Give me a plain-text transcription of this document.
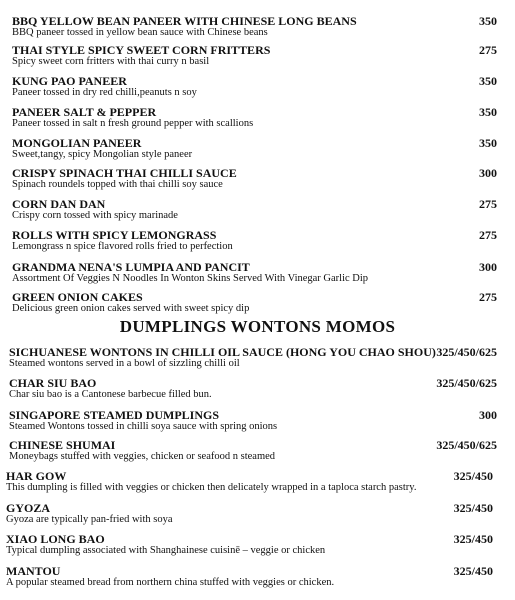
BBQ YELLOW BEAN PANEER WITH CHINESE LONG BEANS
BBQ paneer tossed in yellow bean sauce with Chinese beans
350
THAI STYLE SPICY SWEET CORN FRITTERS
Spicy sweet corn fritters with thai curry n basil
275
KUNG PAO PANEER
Paneer tossed in dry red chilli,peanuts n soy
350
PANEER SALT & PEPPER
Paneer tossed in salt n fresh ground pepper with scallions
350
MONGOLIAN PANEER
Sweet,tangy, spicy Mongolian style paneer
350
CRISPY SPINACH THAI CHILLI SAUCE
Spinach roundels topped with thai chilli soy sauce
300
CORN DAN DAN
Crispy corn tossed with spicy marinade
275
ROLLS WITH SPICY LEMONGRASS
Lemongrass n spice flavored rolls fried to perfection
275
GRANDMA NENA'S LUMPIA AND PANCIT
Assortment Of Veggies N Noodles In Wonton Skins Served With Vinegar Garlic Dip
300
GREEN ONION CAKES
Delicious green onion cakes served with sweet spicy dip
275
DUMPLINGS WONTONS MOMOS
SICHUANESE WONTONS IN CHILLI OIL SAUCE (HONG YOU CHAO SHOU)
Steamed wontons served in a bowl of sizzling chilli oil
325/450/625
CHAR SIU BAO
Char siu bao is a Cantonese barbecue filled bun.
325/450/625
SINGAPORE STEAMED DUMPLINGS
Steamed Wontons tossed in chilli soya sauce with spring onions
300
CHINESE SHUMAI
Moneybags stuffed with veggies, chicken or seafood n steamed
325/450/625
HAR GOW
This dumpling is filled with veggies or chicken then delicately wrapped in a taploca starch pastry.
325/450
GYOZA
Gyoza are typically pan-fried with soya
325/450
XIAO LONG BAO
Typical dumpling associated with Shanghainese cuisinē – veggie or chicken
325/450
MANTOU
A popular steamed bread from northern china stuffed with veggies or chicken.
325/450
